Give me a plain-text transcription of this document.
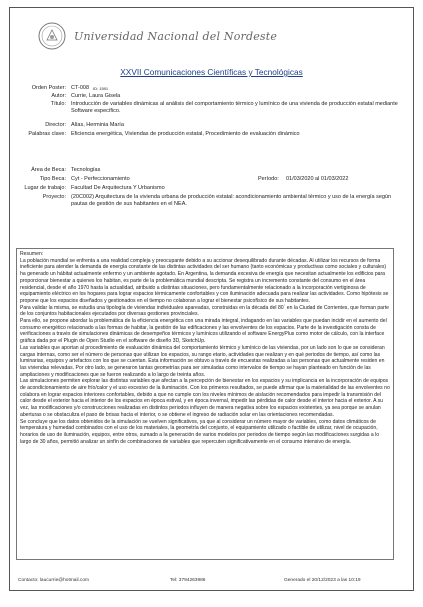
Universidad Nacional del Nordeste
XXVII Comunicaciones Científicas y Tecnológicas
Orden Poster: CT-008 ID: 1591
Autor: Currie, Laura Gisela
Título: Introducción de variables dinámicas al análisis del comportamiento térmico y lumínico de una vivienda de producción estatal mediante Software específico.
Director: Alías, Herminia María
Palabras clave: Eficiencia energética, Viviendas de producción estatal, Procedimiento de evaluación dinámico
Área de Beca: Tecnologías
Tipo Beca: Cyt - Perfeccionamiento	Período:	01/03/2020 al 01/03/2022
Lugar de trabajo: Facultad De Arquitectura Y Urbanismo
Proyecto: (20C002) Arquitectura de la vivienda urbana de producción estatal: acondicionamiento ambiental térmico y uso de la energía según pautas de gestión de sus habitantes en el NEA.

Resumen:

La población mundial se enfrenta a una realidad compleja y preocupante debido a su accionar desequilibrado durante décadas. Al utilizar los recursos de forma ineficiente para atender la demanda de energía constante de las distintas actividades del ser humano (tanto económicas y productivas como sociales y culturales) ha generado un hábitat actualmente enfermo y un ambiente agotado. En Argentina, la demanda excesiva de energía que necesitan actualmente los edificios para proporcionar bienestar a quienes los habitan, es parte de la problemática mundial descripta. Se registra un incremento constante del consumo en el área residencial, desde el año 1970 hasta la actualidad, atribuido a distintas situaciones, pero fundamentalmente relacionado a la incorporación vertiginosa de equipamiento eléctrico en los hogares para lograr espacios térmicamente confortables y con iluminación adecuada para realizar las actividades. Como hipótesis se propone que los espacios diseñados y gestionados en el tiempo no colaboran a lograr el bienestar psicofísico de sus habitantes.

Para validar la misma, se estudia una tipología de viviendas individuales apareadas, construidas en la década del 80´ en la Ciudad de Corrientes, que forman parte de los conjuntos habitacionales ejecutados por diversas gestiones provinciales.

Para ello, se propone abordar la problemática de la eficiencia energética con una mirada integral, indagando en las variables que puedan incidir en el aumento del consumo energético relacionado a las formas de habitar, la gestión de las edificaciones y las envolventes de los espacios. Parte de la investigación consta de verificaciones a través de simulaciones dinámicas de desempeños térmicos y lumínicos utilizando el software EnergyPlus como motor de cálculo, con la interface gráfica dada por el Plugin de Open Studio en el software de diseño 3D, SketchUp.

Las variables que aportan al procedimiento de evaluación dinámica del comportamiento térmico y lumínico de las viviendas, por un lado son lo que se consideran cargas internas, como ser el número de personas que utilizan los espacios, su rango etario, actividades que realizan y en qué periodos de tiempo, así como las luminarias, equipos y artefactos con los que se cuentan. Esta información se obtuvo a través de encuestas realizadas a las personas que actualmente residen en las viviendas relevadas. Por otro lado, se generaron tantas geometrías para ser simuladas como intervalos de tiempo se hayan planteado en función de las ampliaciones y modificaciones que se fueron realizando a lo largo de treinta años.

Las simulaciones permiten explorar las distintas variables que afectan a la percepción de bienestar en los espacios y su implicancia en la incorporación de equipos de acondicionamiento de aire frío/calor y el uso excesivo de la iluminación. Con los primeros resultados, se puede afirmar que la materialidad de las envolventes no colabora en lograr espacios interiores confortables, debido a que no cumple con los niveles mínimos de aislación recomendados para impedir la transmisión del calor desde el exterior hacia el interior de los espacios en época estival, y en época invernal, impedir las pérdidas de calor desde el interior hacia el exterior. A su vez, las modificaciones y/o construcciones realizadas en distintos periodos influyen de manera negativa sobre los espacios existentes, ya sea porque se anulan aberturas o se obstaculiza el paso de brisas hacia el interior, o se obtiene el ingreso de radiación solar en las orientaciones recomendadas.

Se concluye que los datos obtenidos de la simulación se vuelven significativos, ya que al considerar un número mayor de variables, como datos climáticos de temperatura y humedad combinados con el uso de los materiales, la geometría del conjunto, el equipamiento utilizado o factible de utilizar, nivel de ocupación, horarios de uso de iluminación, equipos, entre otros, sumado a la generación de varios modelos por periodos de tiempo según las modificaciones surgidas a lo largo de 30 años, permitió analizar un sinfín de combinaciones de variables que repercuten significativamente en el consumo intensivo de energía.

Contacto: laucurrie@hotmail.com	Tel: 3794263986	Generado el 20/12/2023 a las 10:19
